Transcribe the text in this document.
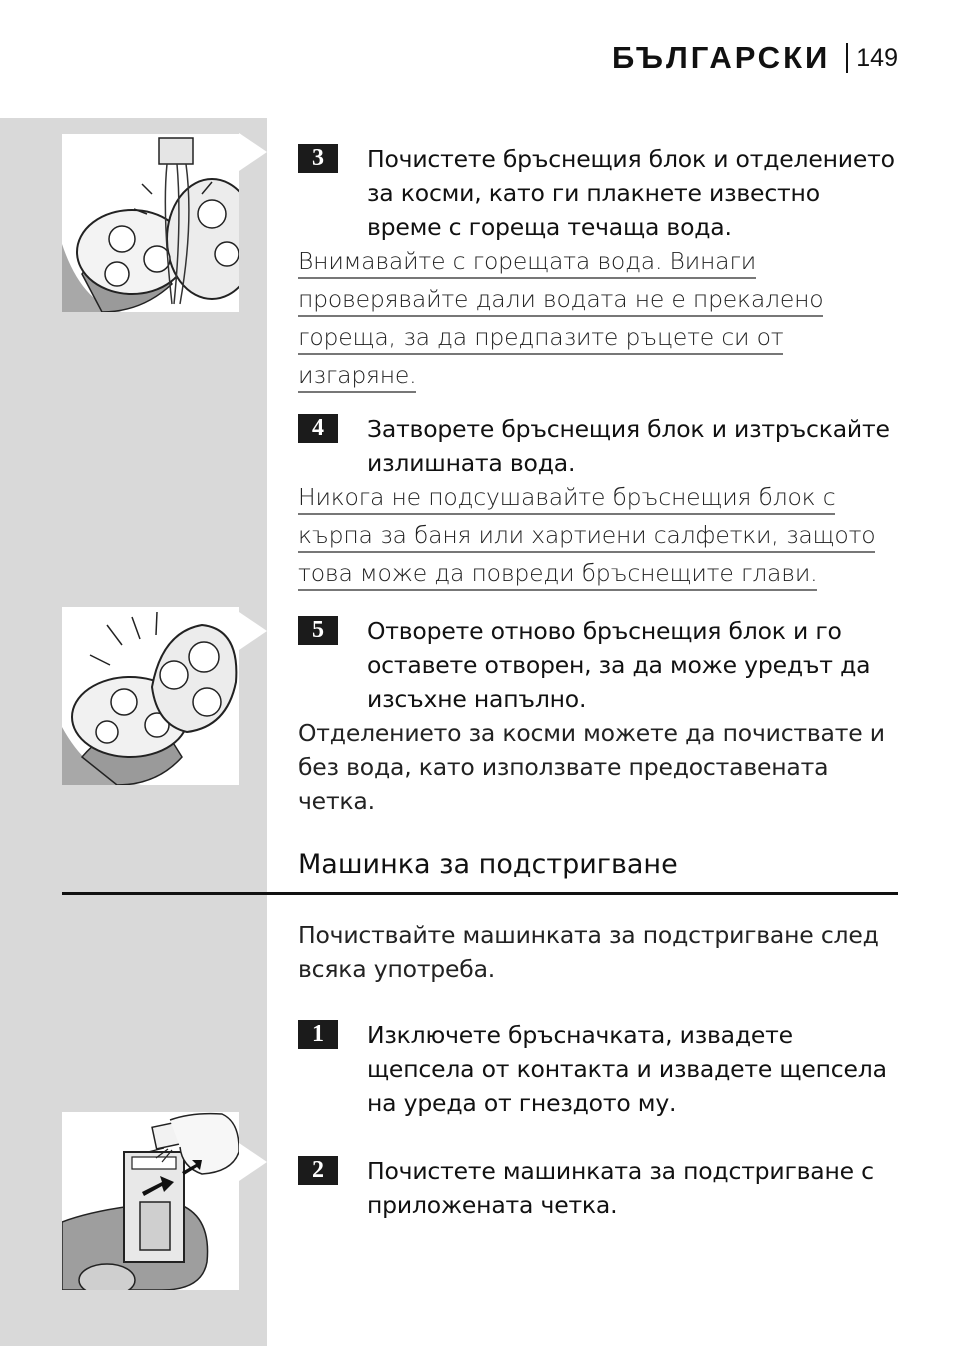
БЪЛГАРСКИ 149
3	Почистете бръснещия блок и отделението за косми, като ги плакнете известно време с гореща течаща вода.
Внимавайте с горещата вода. Винаги
проверявайте дали водата не е прекалено
гореща, за да предпазите ръцете си от
изгаряне.
4	Затворете бръснещия блок и изтръскайте излишната вода.
Никога не подсушавайте бръснещия блок с
кърпа за баня или хартиени салфетки, защото
това може да повреди бръснещите глави.
5	Отворете отново бръснещия блок и го оставете отворен, за да може уредът да изсъхне напълно.
Отделението за косми можете да почиствате и без вода, като използвате предоставената четка.
Машинка за подстригване
Почиствайте машинката за подстригване след всяка употреба.
1	Изключете бръсначката, извадете щепсела от контакта и извадете щепсела на уреда от гнездото му.
2	Почистете машинката за подстригване с приложената четка.
